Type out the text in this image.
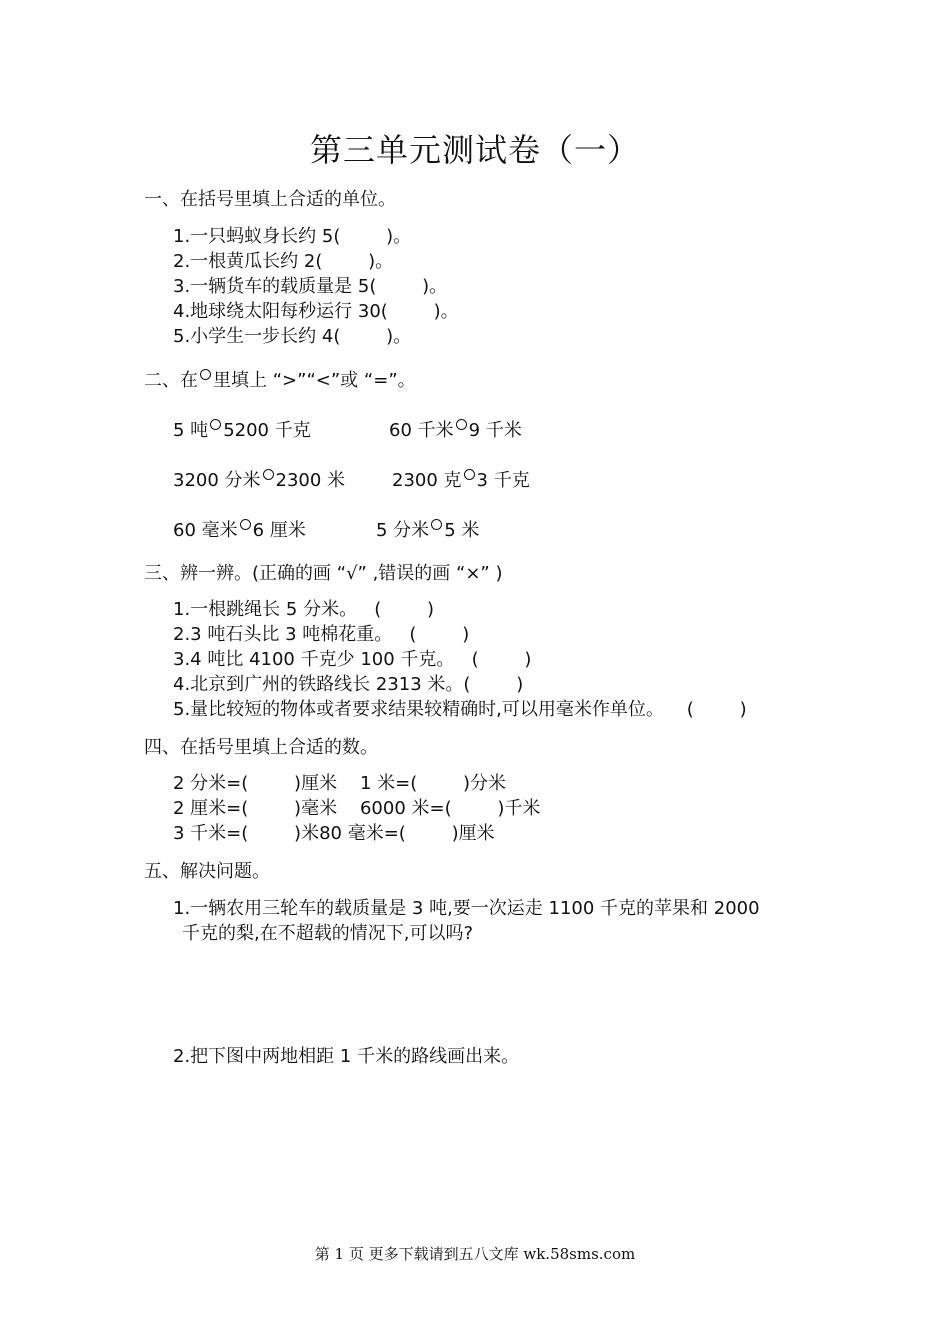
第三单元测试卷（一）
一、在括号里填上合适的单位。
1.一只蚂蚁身长约 5(        )。
2.一根黄瓜长约 2(        )。
3.一辆货车的载质量是 5(        )。
4.地球绕太阳每秒运行 30(        )。
5.小学生一步长约 4(        )。
二、在 里填上 “>”“<”或 “=”。
5 吨 5200 千克	60 千米 9 千米
3200 分米 2300 米	2300 克 3 千克
60 毫米 6 厘米	5 分米 5 米
三、辨一辨。(正确的画 “√” ,错误的画 “×” )
1.一根跳绳长 5 分米。   (        )
2.3 吨石头比 3 吨棉花重。   (        )
3.4 吨比 4100 千克少 100 千克。   (        )
4.北京到广州的铁路线长 2313 米。(        )
5.量比较短的物体或者要求结果较精确时,可以用毫米作单位。    (        )
四、在括号里填上合适的数。
2 分米=(        )厘米    1 米=(        )分米
2 厘米=(        )毫米    6000 米=(        )千米
3 千米=(        )米80 毫米=(        )厘米
五、解决问题。
1.一辆农用三轮车的载质量是 3 吨,要一次运走 1100 千克的苹果和 2000
千克的梨,在不超载的情况下,可以吗?
2.把下图中两地相距 1 千米的路线画出来。
第 1 页 更多下载请到五八文库 wk.58sms.com
